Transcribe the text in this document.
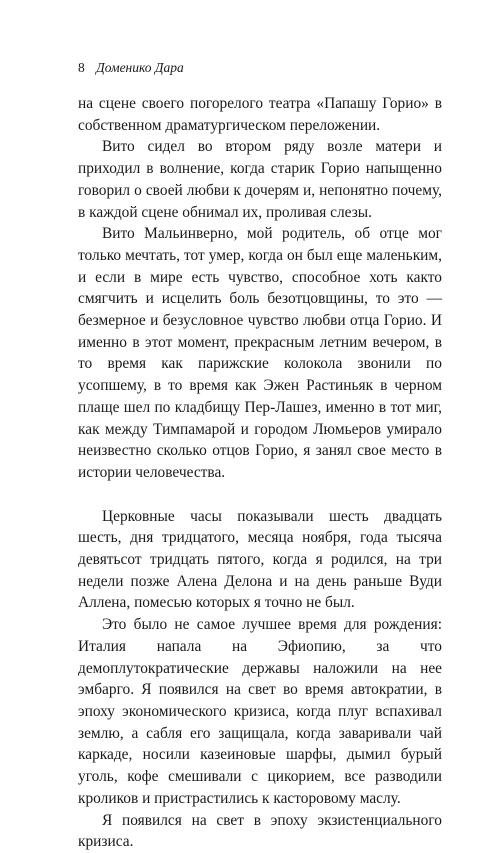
8 Доменико Дара

на сцене своего погорелого театра «Папашу Горио» в собственном драматургическом переложении.

Вито сидел во втором ряду возле матери и приходил в волнение, когда старик Горио напыщенно говорил о своей любви к дочерям и, непонятно почему, в каждой сцене обнимал их, проливая слезы.

Вито Мальинверно, мой родитель, об отце мог только мечтать, тот умер, когда он был еще маленьким, и если в мире есть чувство, способное хоть както смягчить и исцелить боль безотцовщины, то это — безмерное и безусловное чувство любви отца Горио. И именно в этот момент, прекрасным летним вечером, в то время как парижские колокола звонили по усопшему, в то время как Эжен Растиньяк в черном плаще шел по кладбищу Пер-Лашез, именно в тот миг, как между Тимпамарой и городом Люмьеров умирало неизвестно сколько отцов Горио, я занял свое место в истории человечества.

Церковные часы показывали шесть двадцать шесть, дня тридцатого, месяца ноября, года тысяча девятьсот тридцать пятого, когда я родился, на три недели позже Алена Делона и на день раньше Вуди Аллена, помесью которых я точно не был.

Это было не самое лучшее время для рождения: Италия напала на Эфиопию, за что демоплутократические державы наложили на нее эмбарго. Я появился на свет во время автократии, в эпоху экономического кризиса, когда плуг вспахивал землю, а сабля его защищала, когда заваривали чай каркаде, носили казеиновые шарфы, дымил бурый уголь, кофе смешивали с цикорием, все разводили кроликов и пристрастились к касторовому маслу.

Я появился на свет в эпоху экзистенциального кризиса.
